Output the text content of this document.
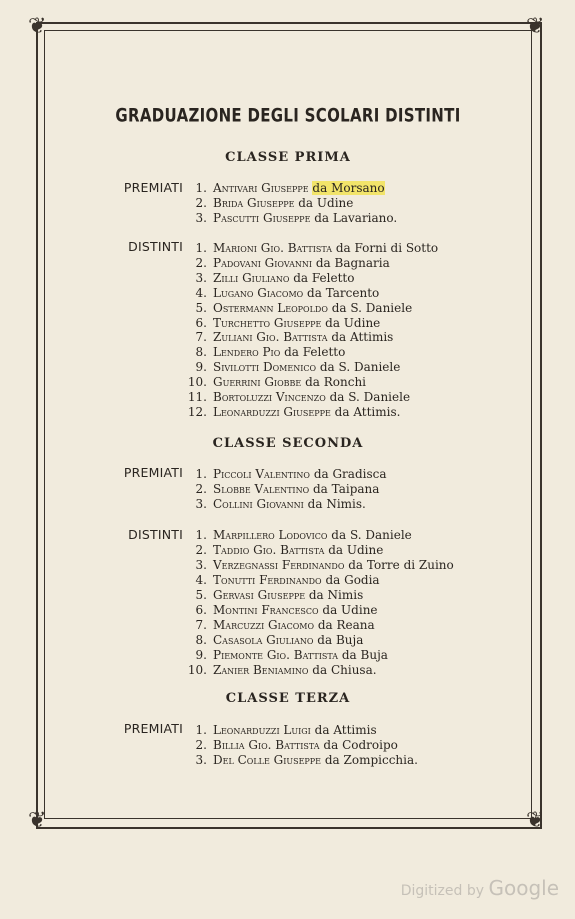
❦	❦
❦	❦
GRADUAZIONE DEGLI SCOLARI DISTINTI
CLASSE PRIMA
PREMIATI	1. Antivari Giuseppe da Morsano
2. Brida Giuseppe da Udine
3. Pascutti Giuseppe da Lavariano.
DISTINTI	1. Marioni Gio. Battista da Forni di Sotto
2. Padovani Giovanni da Bagnaria
3. Zilli Giuliano da Feletto
4. Lugano Giacomo da Tarcento
5. Ostermann Leopoldo da S. Daniele
6. Turchetto Giuseppe da Udine
7. Zuliani Gio. Battista da Attimis
8. Lendero Pio da Feletto
9. Sivilotti Domenico da S. Daniele
10. Guerrini Giobbe da Ronchi
11. Bortoluzzi Vincenzo da S. Daniele
12. Leonarduzzi Giuseppe da Attimis.
CLASSE SECONDA
PREMIATI	1. Piccoli Valentino da Gradisca
2. Slobbe Valentino da Taipana
3. Collini Giovanni da Nimis.
DISTINTI	1. Marpillero Lodovico da S. Daniele
2. Taddio Gio. Battista da Udine
3. Verzegnassi Ferdinando da Torre di Zuino
4. Tonutti Ferdinando da Godia
5. Gervasi Giuseppe da Nimis
6. Montini Francesco da Udine
7. Marcuzzi Giacomo da Reana
8. Casasola Giuliano da Buja
9. Piemonte Gio. Battista da Buja
10. Zanier Beniamino da Chiusa.
CLASSE TERZA
PREMIATI	1. Leonarduzzi Luigi da Attimis
2. Billia Gio. Battista da Codroipo
3. Del Colle Giuseppe da Zompicchia.
Digitized by Google
